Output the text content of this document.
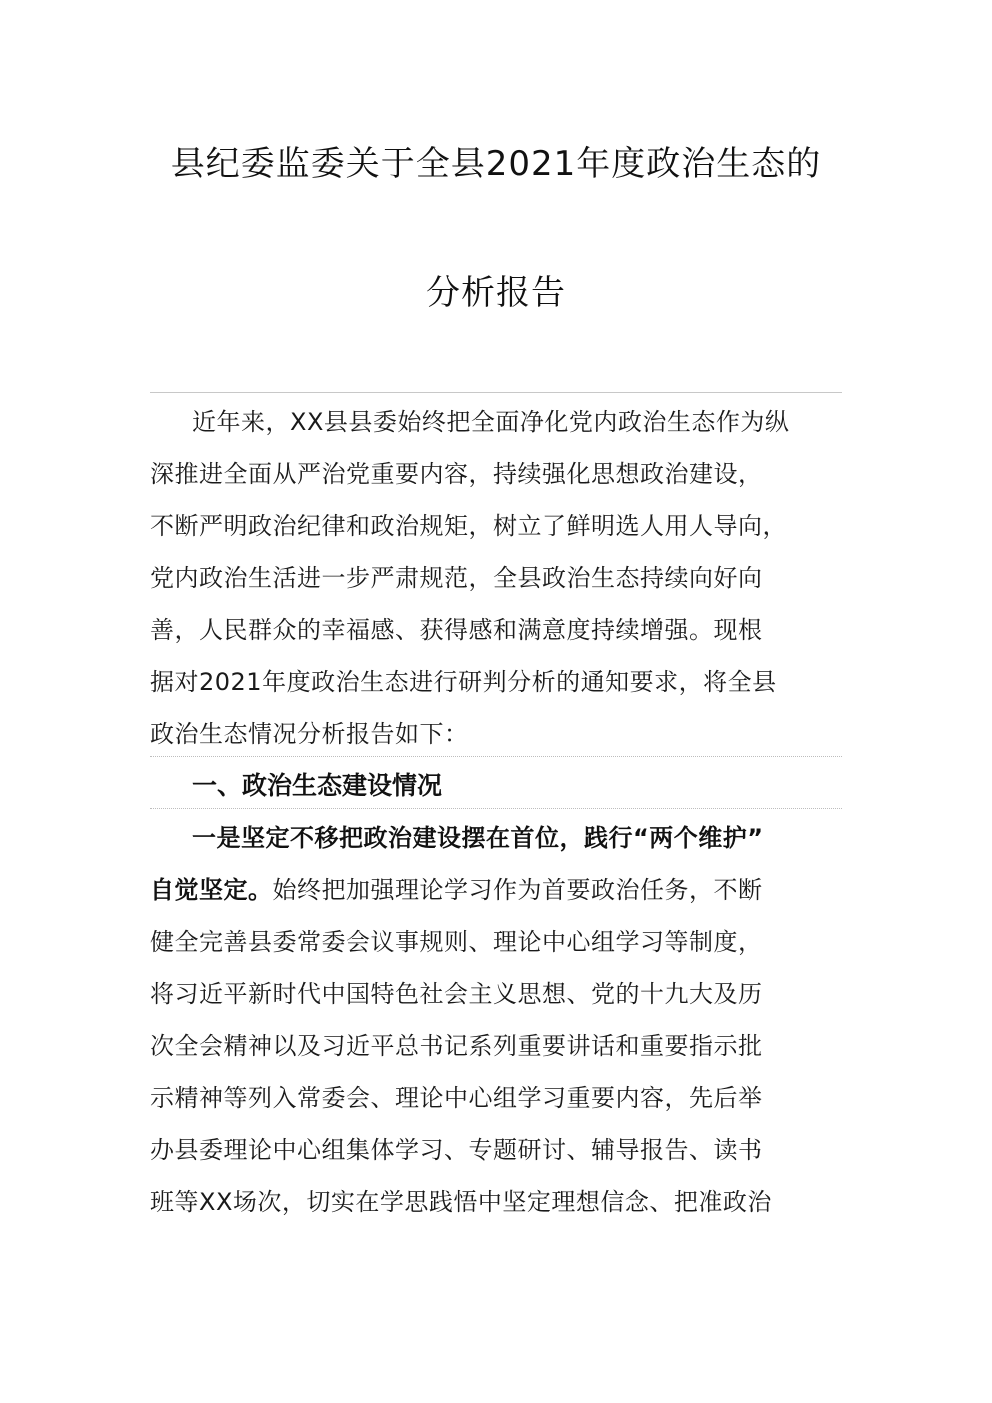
县纪委监委关于全县2021年度政治生态的
分析报告
近年来，XX县县委始终把全面净化党内政治生态作为纵
深推进全面从严治党重要内容，持续强化思想政治建设，
不断严明政治纪律和政治规矩，树立了鲜明选人用人导向，
党内政治生活进一步严肃规范，全县政治生态持续向好向
善，人民群众的幸福感、获得感和满意度持续增强。现根
据对2021年度政治生态进行研判分析的通知要求，将全县
政治生态情况分析报告如下：
一、政治生态建设情况
一是坚定不移把政治建设摆在首位，践行“两个维护”
自觉坚定。始终把加强理论学习作为首要政治任务，不断
健全完善县委常委会议事规则、理论中心组学习等制度，
将习近平新时代中国特色社会主义思想、党的十九大及历
次全会精神以及习近平总书记系列重要讲话和重要指示批
示精神等列入常委会、理论中心组学习重要内容，先后举
办县委理论中心组集体学习、专题研讨、辅导报告、读书
班等XX场次，切实在学思践悟中坚定理想信念、把准政治
